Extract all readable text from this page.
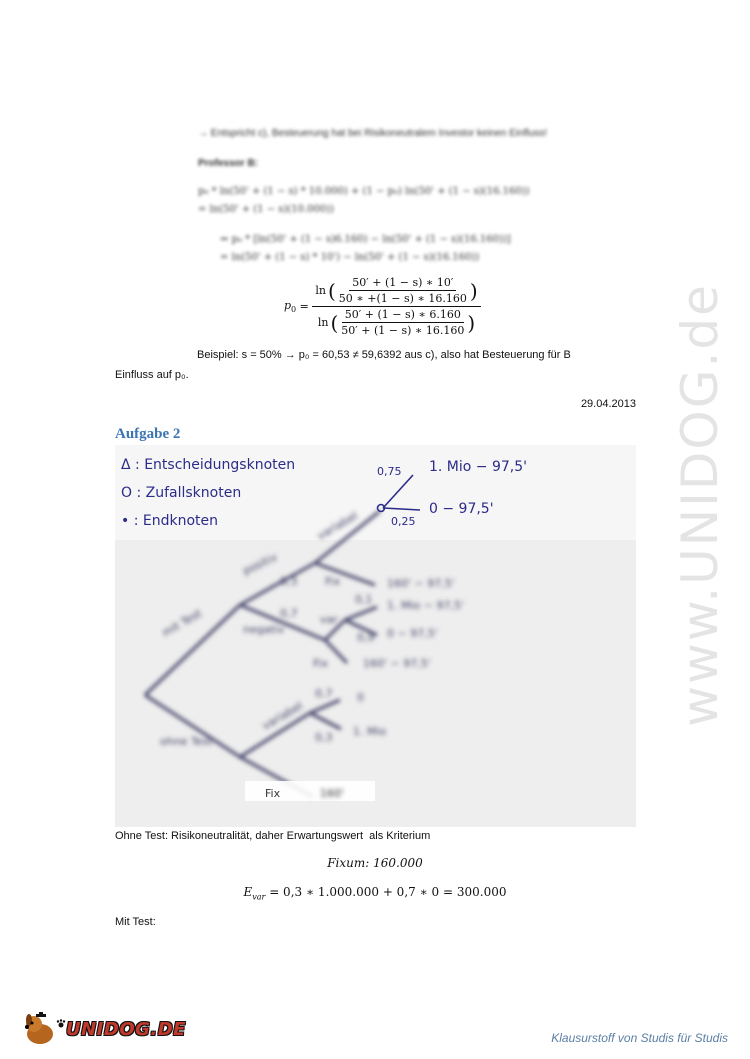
www.UNIDOG.de
→ Entspricht c), Besteuerung hat bei Risikoneutralem Investor keinen Einfluss!
Professor B:
p₀ * ln(50' + (1 − s) * 10.000) + (1 − p₀) ln(50' + (1 − s)(16.160))
= ln(50' + (1 − s)(10.000))
⇒ p₀ * [ln(50' + (1 − s)6.160) − ln(50' + (1 − s)(16.160))]
= ln(50' + (1 − s) * 10') − ln(50' + (1 − s)(16.160))
$p_0$ =
ln ( $\frac{50' + (1 - s) ∗ 10'}{50 ∗ +(1 - s) ∗ 16.160}$ )
ln ( $\frac{50' + (1 - s) ∗ 6.160}{50' + (1 - s) ∗ 16.160}$ )
Beispiel: s = 50% → p₀ = 60,53 ≠ 59,6392 aus c), also hat Besteuerung für B
Einfluss auf p₀.
29.04.2013
Aufgabe 2
Δ : Entscheidungsknoten
O : Zufallsknoten
• : Endknoten
0,75
0,25
1. Mio − 97,5'
0 − 97,5'
variabel
positiv
0,3	Fix	160' − 97,5'
mit Test	0,7
negativ
var
0,1
0,9
1. Mio − 97,5'
0 − 97,5'
Fix	160' − 97,5'
ohne Test
variabel
0,7
0,3
0
1. Mio
Fix	160'
Ohne Test: Risikoneutralität, daher Erwartungswert  als Kriterium
Fixum: 160.000
$E_{var} = 0,3$ ∗ 1.000.000 + 0,7 ∗ 0 = 300.000
Mit Test:
UNIDOG.DE	Klausurstoff von Studis für Studis
